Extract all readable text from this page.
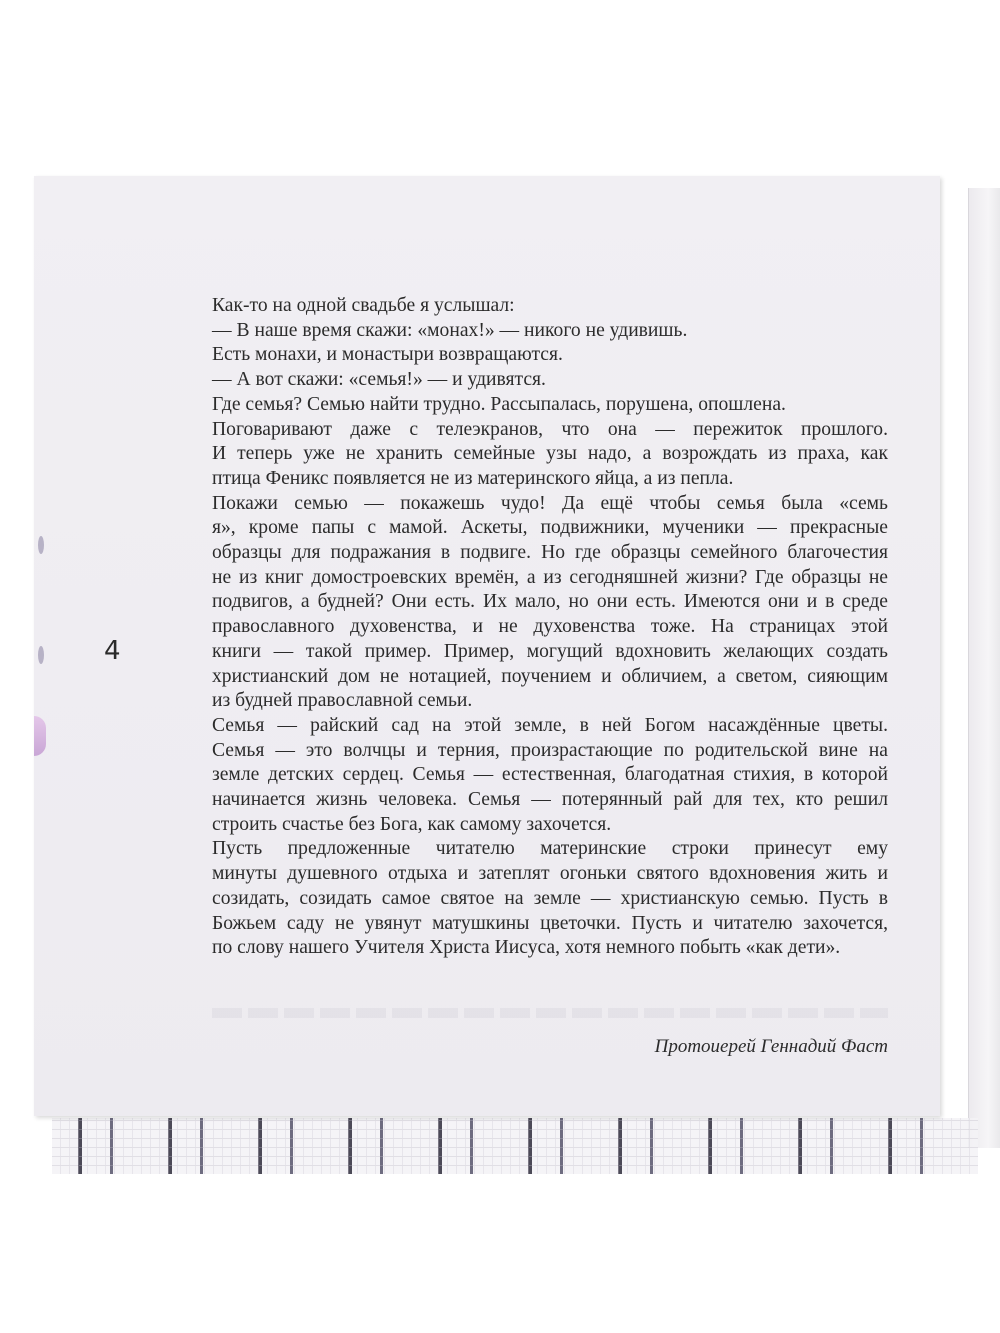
4
Как-то на одной свадьбе я услышал:
— В наше время скажи: «монах!» — никого не удивишь.
Есть монахи, и монастыри возвращаются.
— А вот скажи: «семья!» — и удивятся.
Где семья? Семью найти трудно. Рассыпалась, порушена, опошлена.
Поговаривают даже с телеэкранов, что она — пережиток прошлого.
И теперь уже не хранить семейные узы надо, а возрождать из праха, как
птица Феникс появляется не из материнского яйца, а из пепла.
Покажи семью — покажешь чудо! Да ещё чтобы семья была «семь
я», кроме папы с мамой. Аскеты, подвижники, мученики — прекрасные
образцы для подражания в подвиге. Но где образцы семейного благочестия
не из книг домостроевских времён, а из сегодняшней жизни? Где образцы не
подвигов, а будней? Они есть. Их мало, но они есть. Имеются они и в среде
православного духовенства, и не духовенства тоже. На страницах этой
книги — такой пример. Пример, могущий вдохновить желающих создать
христианский дом не нотацией, поучением и обличием, а светом, сияющим
из будней православной семьи.
Семья — райский сад на этой земле, в ней Богом насаждённые цветы.
Семья — это волчцы и терния, произрастающие по родительской вине на
земле детских сердец. Семья — естественная, благодатная стихия, в которой
начинается жизнь человека. Семья — потерянный рай для тех, кто решил
строить счастье без Бога, как самому захочется.
Пусть предложенные читателю материнские строки принесут ему
минуты душевного отдыха и затеплят огоньки святого вдохновения жить и
созидать, созидать самое святое на земле — христианскую семью. Пусть в
Божьем саду не увянут матушкины цветочки. Пусть и читателю захочется,
по слову нашего Учителя Христа Иисуса, хотя немного побыть «как дети».
Протоиерей Геннадий Фаст
